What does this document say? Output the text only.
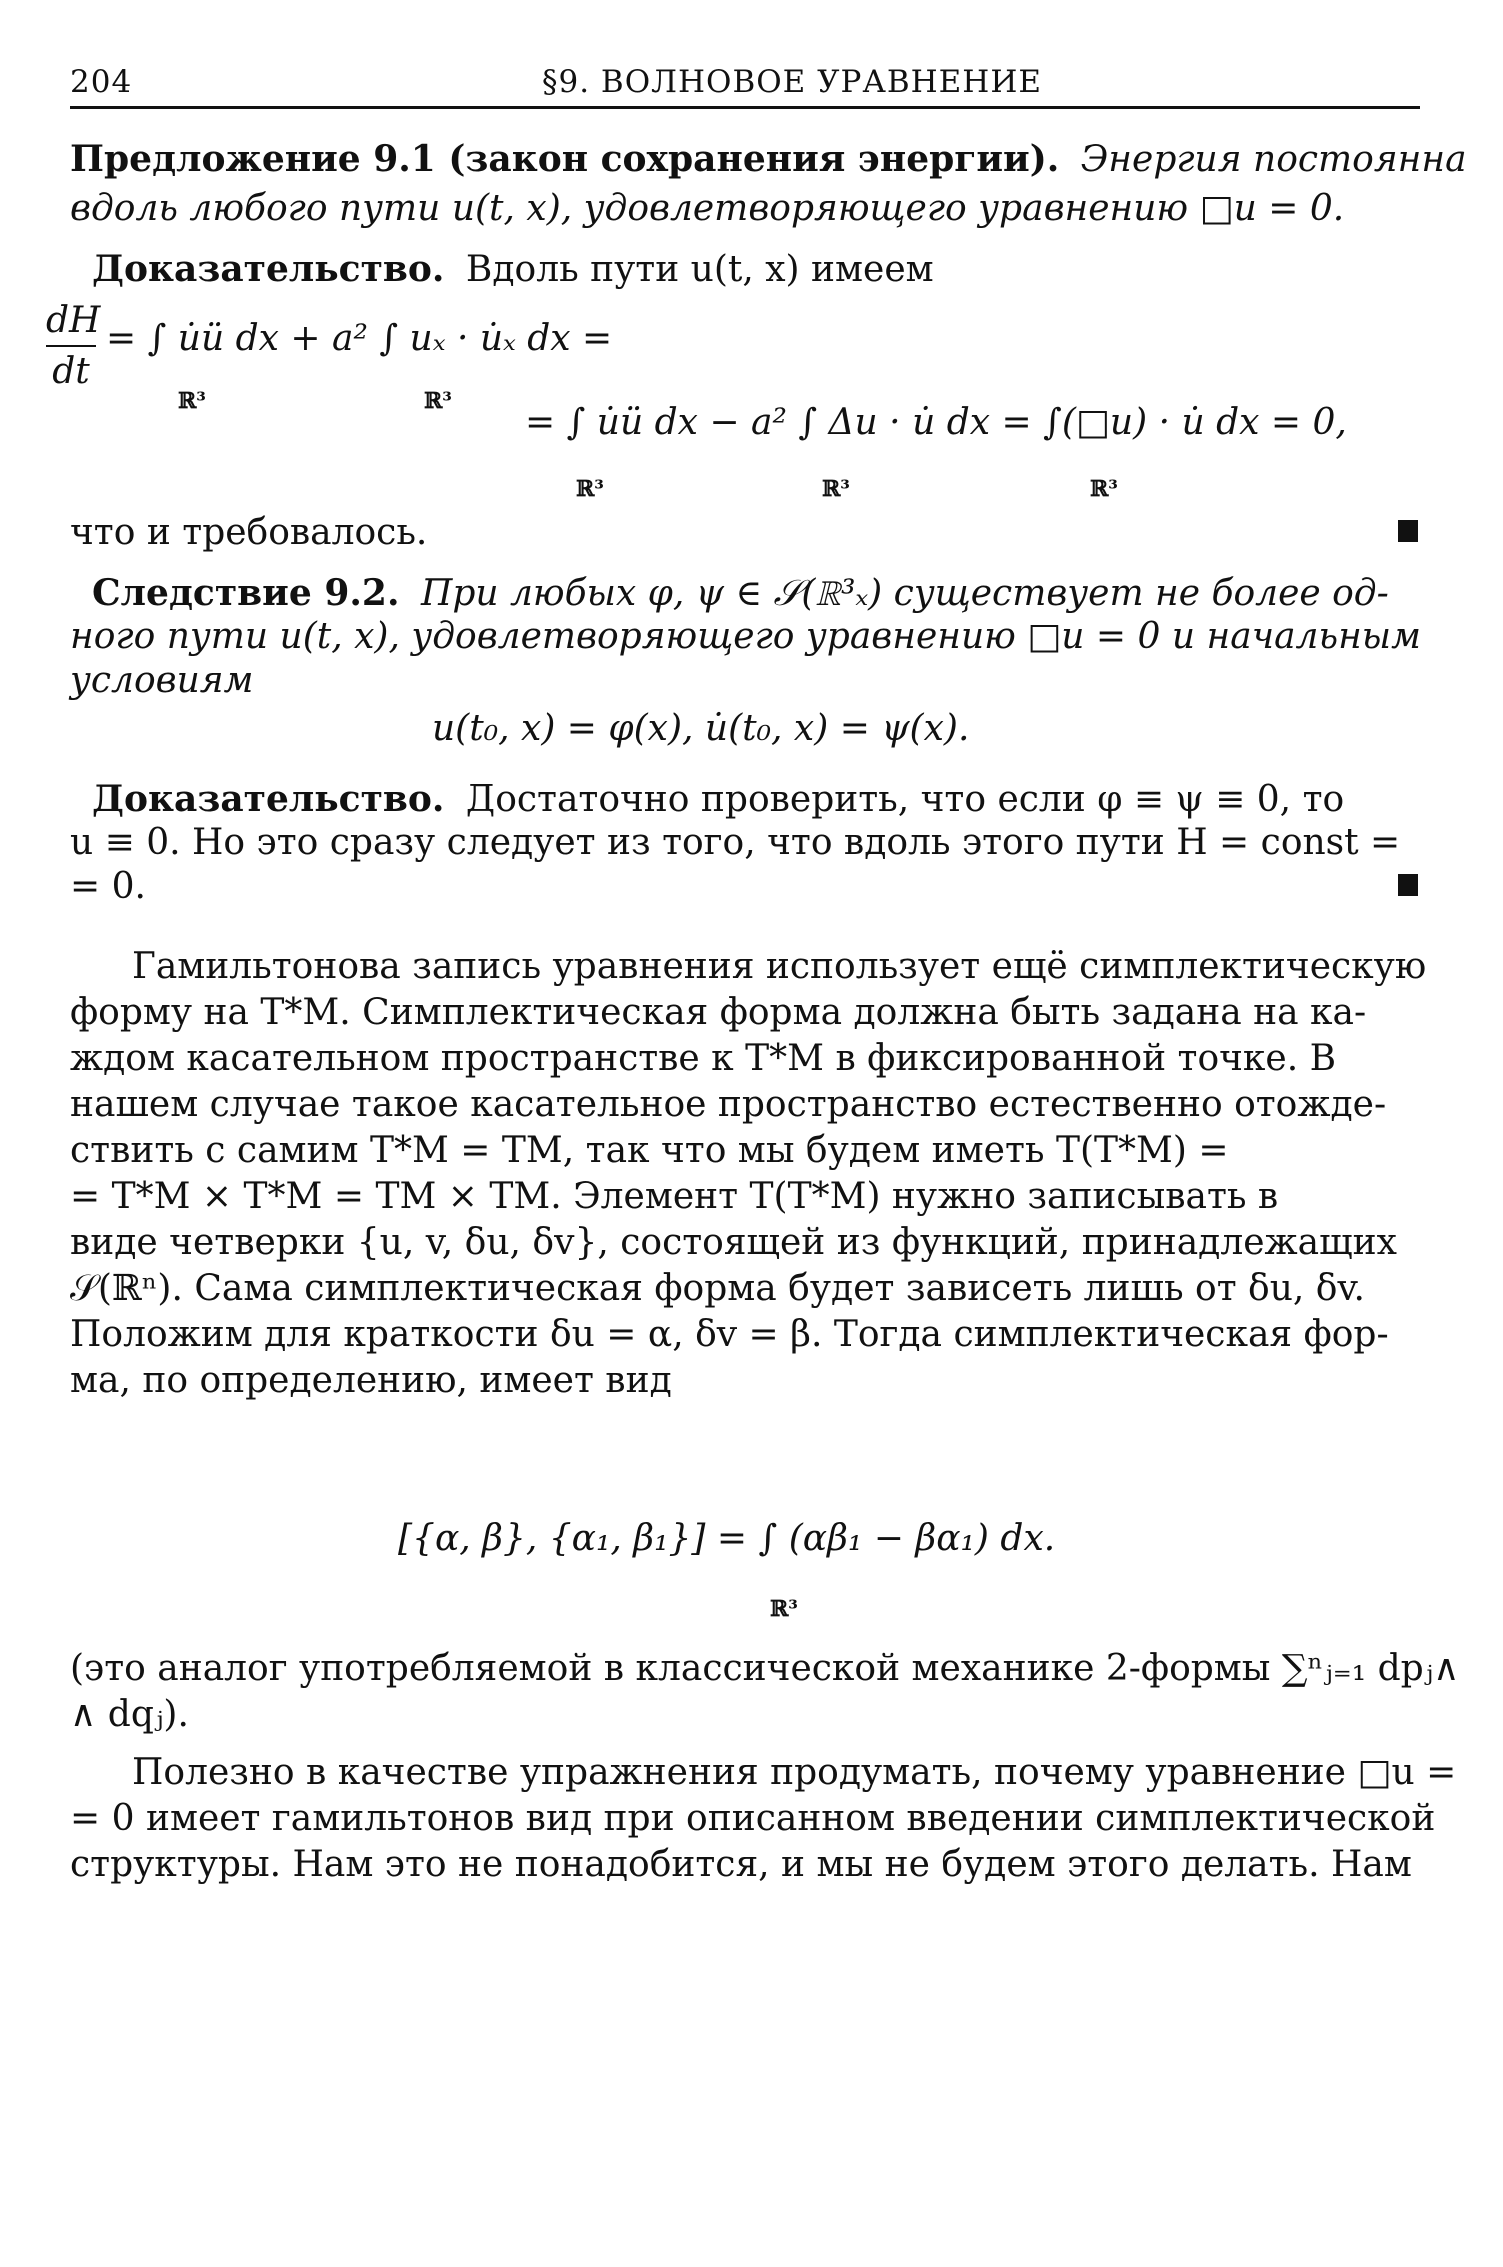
204	§9. ВОЛНОВОЕ УРАВНЕНИЕ
Предложение 9.1 (закон сохранения энергии). Энергия постоянна
вдоль любого пути u(t, x), удовлетворяющего уравнению □u = 0.
Доказательство. Вдоль пути u(t, x) имеем
dH
dt
= ∫ u̇ü dx + a² ∫ uₓ · u̇ₓ dx =
ℝ³	ℝ³
= ∫ u̇ü dx − a² ∫ Δu · u̇ dx = ∫(□u) · u̇ dx = 0,
ℝ³	ℝ³	ℝ³
что и требовалось.
Следствие 9.2. При любых φ, ψ ∈ 𝒮(ℝ³ₓ) существует не более од-
ного пути u(t, x), удовлетворяющего уравнению □u = 0 и начальным
условиям
u(t₀, x) = φ(x), u̇(t₀, x) = ψ(x).
Доказательство. Достаточно проверить, что если φ ≡ ψ ≡ 0, то
u ≡ 0. Но это сразу следует из того, что вдоль этого пути H = const =
= 0.
Гамильтонова запись уравнения использует ещё симплектическую
форму на T*M. Симплектическая форма должна быть задана на ка-
ждом касательном пространстве к T*M в фиксированной точке. В
нашем случае такое касательное пространство естественно отожде-
ствить с самим T*M = TM, так что мы будем иметь T(T*M) =
= T*M × T*M = TM × TM. Элемент T(T*M) нужно записывать в
виде четверки {u, v, δu, δv}, состоящей из функций, принадлежащих
𝒮(ℝⁿ). Сама симплектическая форма будет зависеть лишь от δu, δv.
Положим для краткости δu = α, δv = β. Тогда симплектическая фор-
ма, по определению, имеет вид
[{α, β}, {α₁, β₁}] = ∫ (αβ₁ − βα₁) dx.
ℝ³
(это аналог употребляемой в классической механике 2-формы ∑ⁿⱼ₌₁ dpⱼ∧
∧ dqⱼ).
Полезно в качестве упражнения продумать, почему уравнение □u =
= 0 имеет гамильтонов вид при описанном введении симплектической
структуры. Нам это не понадобится, и мы не будем этого делать. Нам
